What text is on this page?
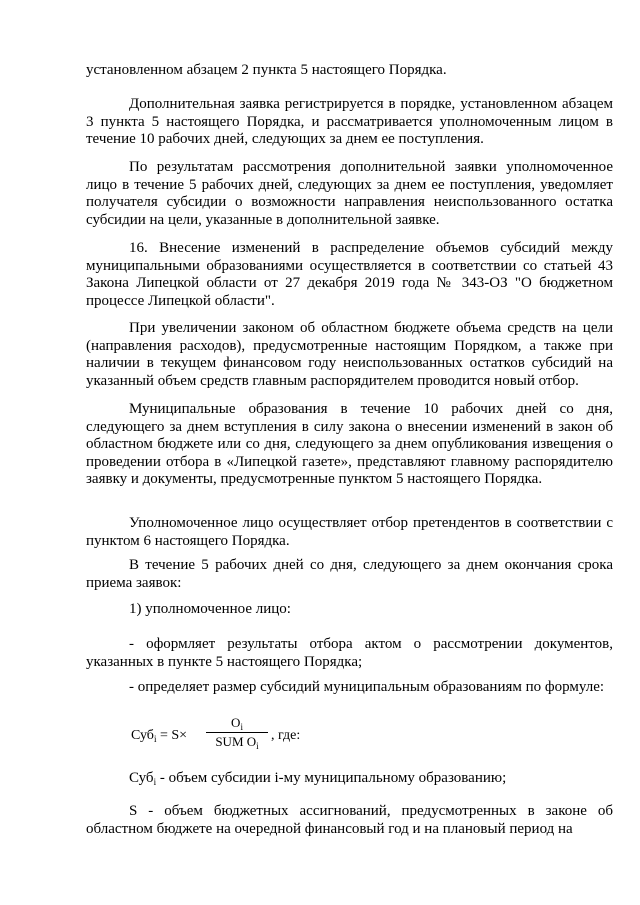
установленном абзацем 2 пункта 5 настоящего Порядка.

Дополнительная заявка регистрируется в порядке, установленном абзацем 3 пункта 5 настоящего Порядка, и рассматривается уполномоченным лицом в течение 10 рабочих дней, следующих за днем ее поступления.

По результатам рассмотрения дополнительной заявки уполномоченное лицо в течение 5 рабочих дней, следующих за днем ее поступления, уведомляет получателя субсидии о возможности направления неиспользованного остатка субсидии на цели, указанные в дополнительной заявке.

16. Внесение изменений в распределение объемов субсидий между муниципальными образованиями осуществляется в соответствии со статьей 43 Закона Липецкой области от 27 декабря 2019 года № 343-ОЗ "О бюджетном процессе Липецкой области".

При увеличении законом об областном бюджете объема средств на цели (направления расходов), предусмотренные настоящим Порядком, а также при наличии в текущем финансовом году неиспользованных остатков субсидий на указанный объем средств главным распорядителем проводится новый отбор.

Муниципальные образования в течение 10 рабочих дней со дня, следующего за днем вступления в силу закона о внесении изменений в закон об областном бюджете или со дня, следующего за днем опубликования извещения о проведении отбора в «Липецкой газете», представляют главному распорядителю заявку и документы, предусмотренные пунктом 5 настоящего Порядка.

Уполномоченное лицо осуществляет отбор претендентов в соответствии с пунктом 6 настоящего Порядка.

В течение 5 рабочих дней со дня, следующего за днем окончания срока приема заявок:

1) уполномоченное лицо:

- оформляет результаты отбора актом о рассмотрении документов, указанных в пункте 5 настоящего Порядка;

- определяет размер субсидий муниципальным образованиям по формуле:

Суб$_i$ = S×
$О_i$
SUM $О_i$
, где:

Суб$_i$ - объем субсидии i-му муниципальному образованию;

S - объем бюджетных ассигнований, предусмотренных в законе об областном бюджете на очередной финансовый год и на плановый период на
